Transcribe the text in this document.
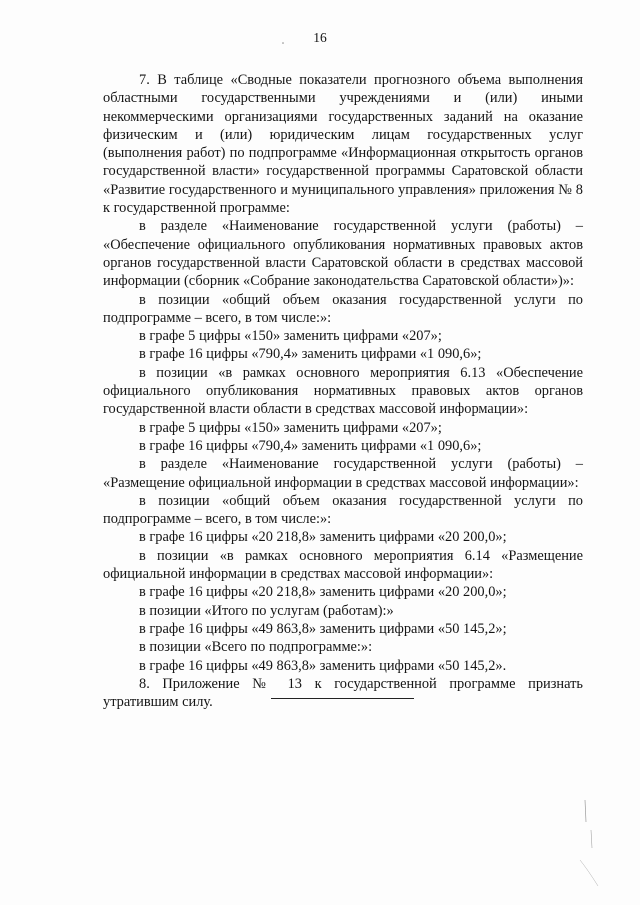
16

7. В таблице «Сводные показатели прогнозного объема выполнения областными государственными учреждениями и (или) иными некоммерческими организациями государственных заданий на оказание физическим и (или) юридическим лицам государственных услуг (выполнения работ) по подпрограмме «Информационная открытость органов государственной власти» государственной программы Саратовской области «Развитие государственного и муниципального управления» приложения № 8 к государственной программе:

в разделе «Наименование государственной услуги (работы) – «Обеспечение официального опубликования нормативных правовых актов органов государственной власти Саратовской области в средствах массовой информации (сборник «Собрание законодательства Саратовской области»)»:

в позиции «общий объем оказания государственной услуги по подпрограмме – всего, в том числе:»:

в графе 5 цифры «150» заменить цифрами «207»;

в графе 16 цифры «790,4» заменить цифрами «1 090,6»;

в позиции «в рамках основного мероприятия 6.13 «Обеспечение официального опубликования нормативных правовых актов органов государственной власти области в средствах массовой информации»:

в графе 5 цифры «150» заменить цифрами «207»;

в графе 16 цифры «790,4» заменить цифрами «1 090,6»;

в разделе «Наименование государственной услуги (работы) – «Размещение официальной информации в средствах массовой информации»:

в позиции «общий объем оказания государственной услуги по подпрограмме – всего, в том числе:»:

в графе 16 цифры «20 218,8» заменить цифрами «20 200,0»;

в позиции «в рамках основного мероприятия 6.14 «Размещение официальной информации в средствах массовой информации»:

в графе 16 цифры «20 218,8» заменить цифрами «20 200,0»;

в позиции «Итого по услугам (работам):»

в графе 16 цифры «49 863,8» заменить цифрами «50 145,2»;

в позиции «Всего по подпрограмме:»:

в графе 16 цифры «49 863,8» заменить цифрами «50 145,2».

8. Приложение № 13 к государственной программе признать утратившим силу.
